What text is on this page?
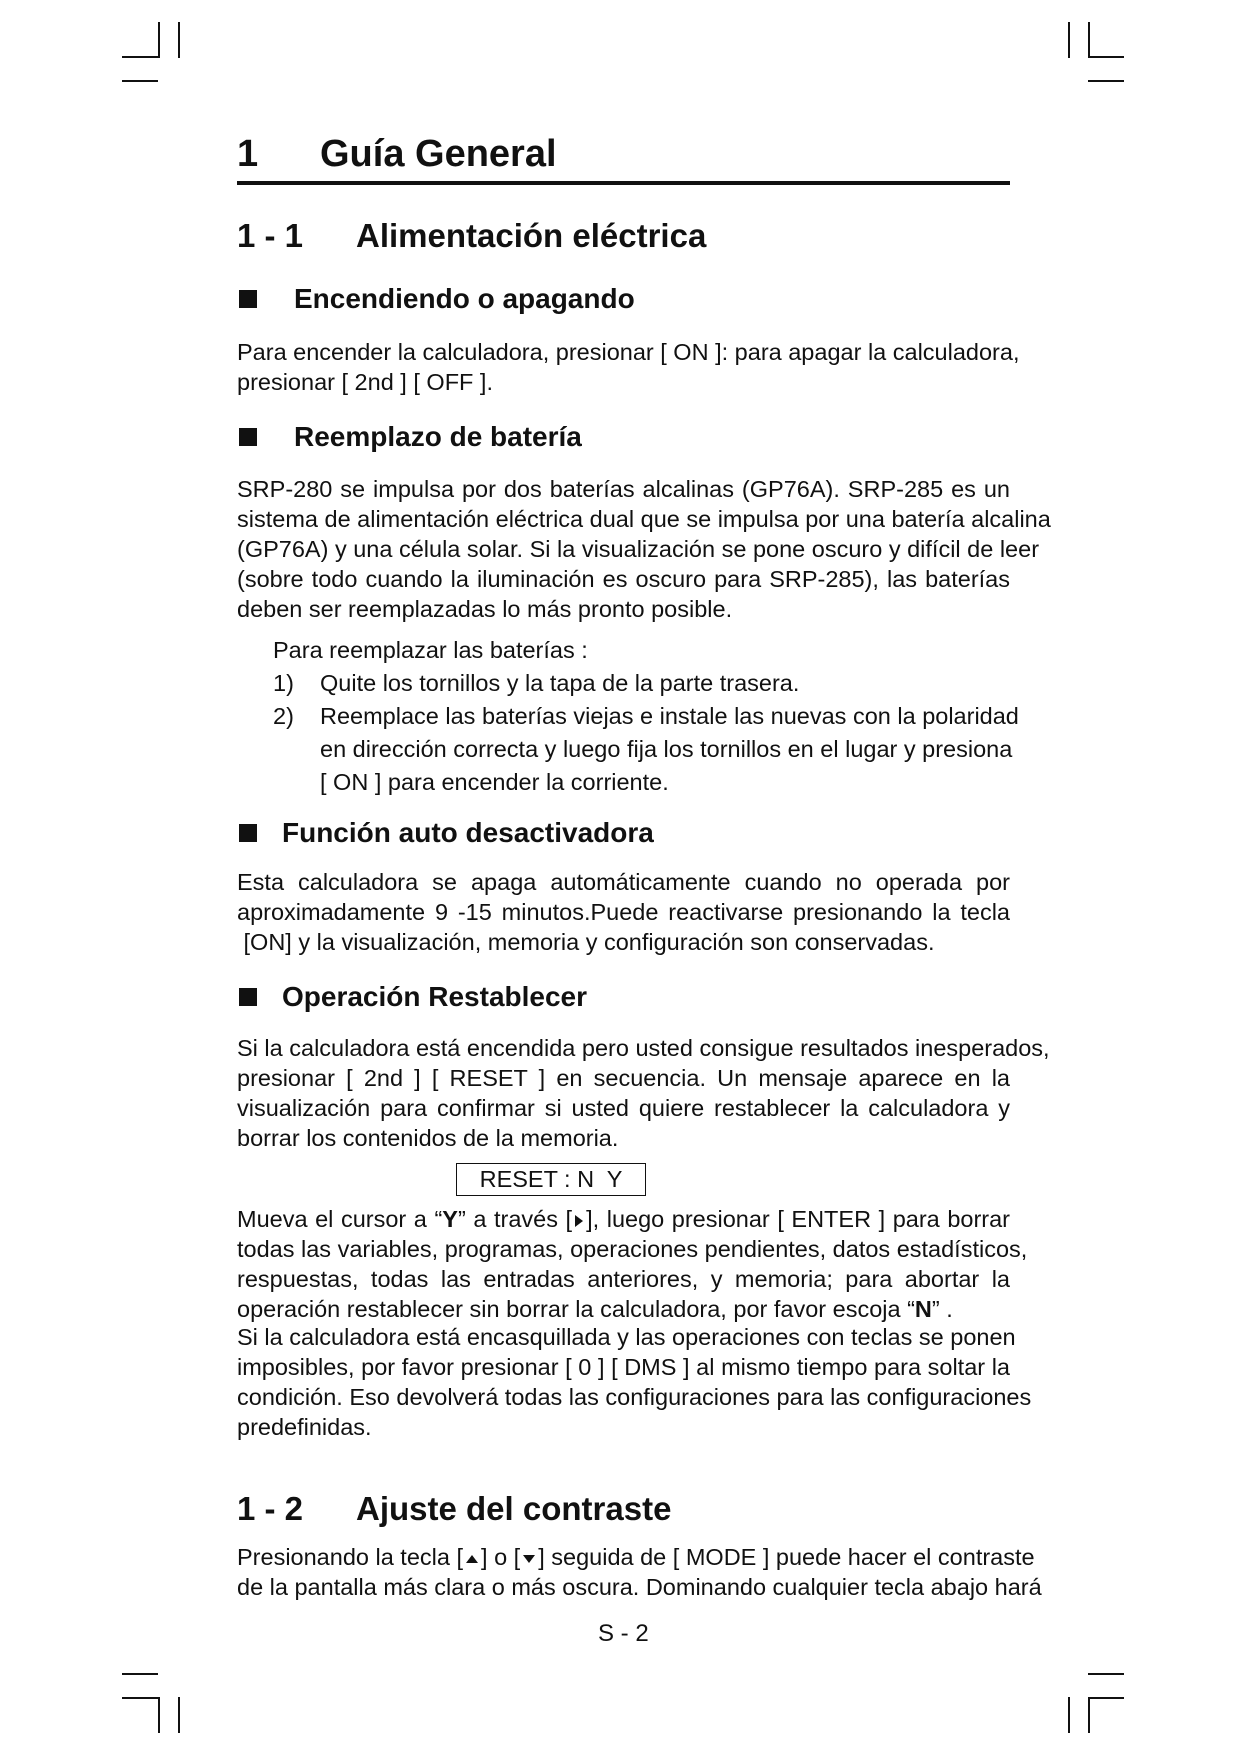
1 Guía General
1 - 1 Alimentación eléctrica
Encendiendo o apagando
Para encender la calculadora, presionar [ ON ]: para apagar la calculadora,
presionar [ 2nd ] [ OFF ].
Reemplazo de batería
SRP-280 se impulsa por dos baterías alcalinas (GP76A). SRP-285 es un
sistema de alimentación eléctrica dual que se impulsa por una batería alcalina
(GP76A) y una célula solar. Si la visualización se pone oscuro y difícil de leer
(sobre todo cuando la iluminación es oscuro para SRP-285), las baterías
deben ser reemplazadas lo más pronto posible.
Para reemplazar las baterías :
1) Quite los tornillos y la tapa de la parte trasera.
2) Reemplace las baterías viejas e instale las nuevas con la polaridad
en dirección correcta y luego fija los tornillos en el lugar y presiona
[ ON ] para encender la corriente.
Función auto desactivadora
Esta calculadora se apaga automáticamente cuando no operada por
aproximadamente 9 -15 minutos.Puede reactivarse presionando la tecla
[ON] y la visualización, memoria y configuración son conservadas.
Operación Restablecer
Si la calculadora está encendida pero usted consigue resultados inesperados,
presionar [ 2nd ] [ RESET ] en secuencia. Un mensaje aparece en la
visualización para confirmar si usted quiere restablecer la calculadora y
borrar los contenidos de la memoria.
RESET : N  Y
Mueva el cursor a “Y” a través [ ], luego presionar [ ENTER ] para borrar
todas las variables, programas, operaciones pendientes, datos estadísticos,
respuestas, todas las entradas anteriores, y memoria; para abortar la
operación restablecer sin borrar la calculadora, por favor escoja “N” .
Si la calculadora está encasquillada y las operaciones con teclas se ponen
imposibles, por favor presionar [ 0 ] [ DMS ] al mismo tiempo para soltar la
condición. Eso devolverá todas las configuraciones para las configuraciones
predefinidas.
1 - 2 Ajuste del contraste
Presionando la tecla [ ] o [ ] seguida de [ MODE ] puede hacer el contraste
de la pantalla más clara o más oscura. Dominando cualquier tecla abajo hará
S - 2
